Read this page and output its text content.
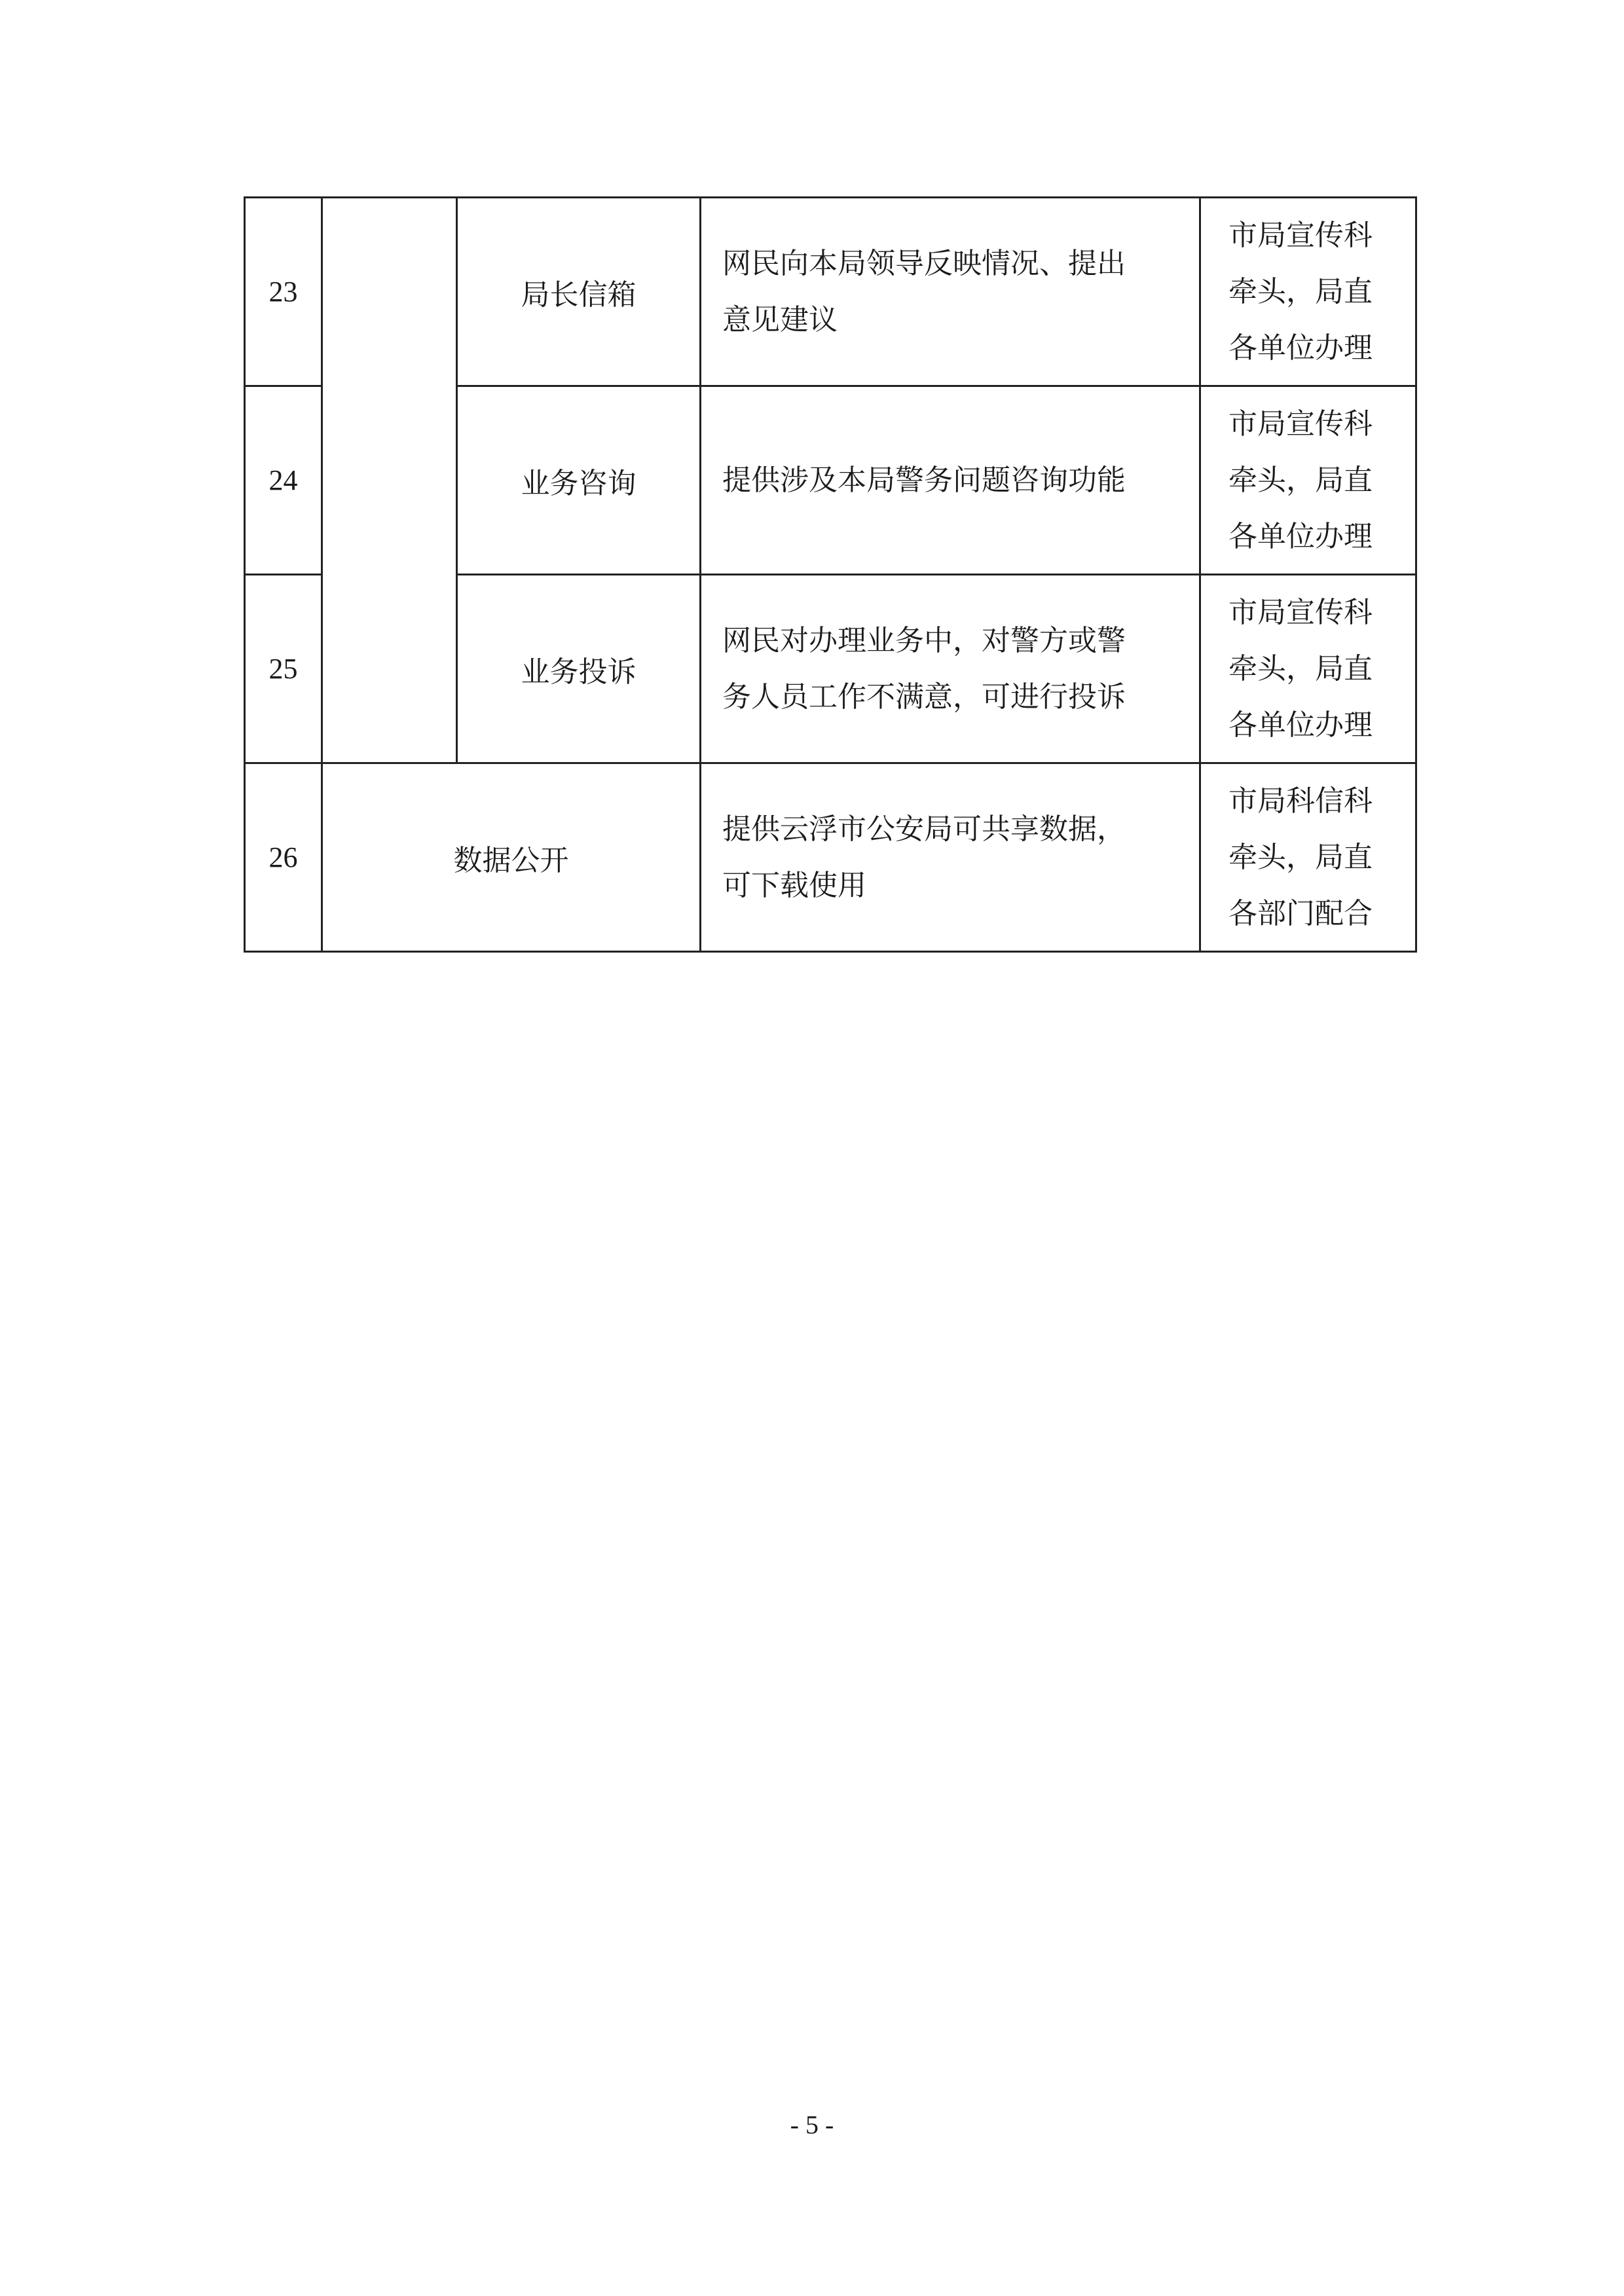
23		局长信箱	网民向本局领导反映情况、提出
意见建议	市局宣传科
牵头，局直
各单位办理

24		业务咨询	提供涉及本局警务问题咨询功能	市局宣传科
牵头，局直
各单位办理

25		业务投诉	网民对办理业务中，对警方或警
务人员工作不满意，可进行投诉	市局宣传科
牵头，局直
各单位办理

26	数据公开		提供云浮市公安局可共享数据，
可下载使用	市局科信科
牵头，局直
各部门配合
- 5 -
